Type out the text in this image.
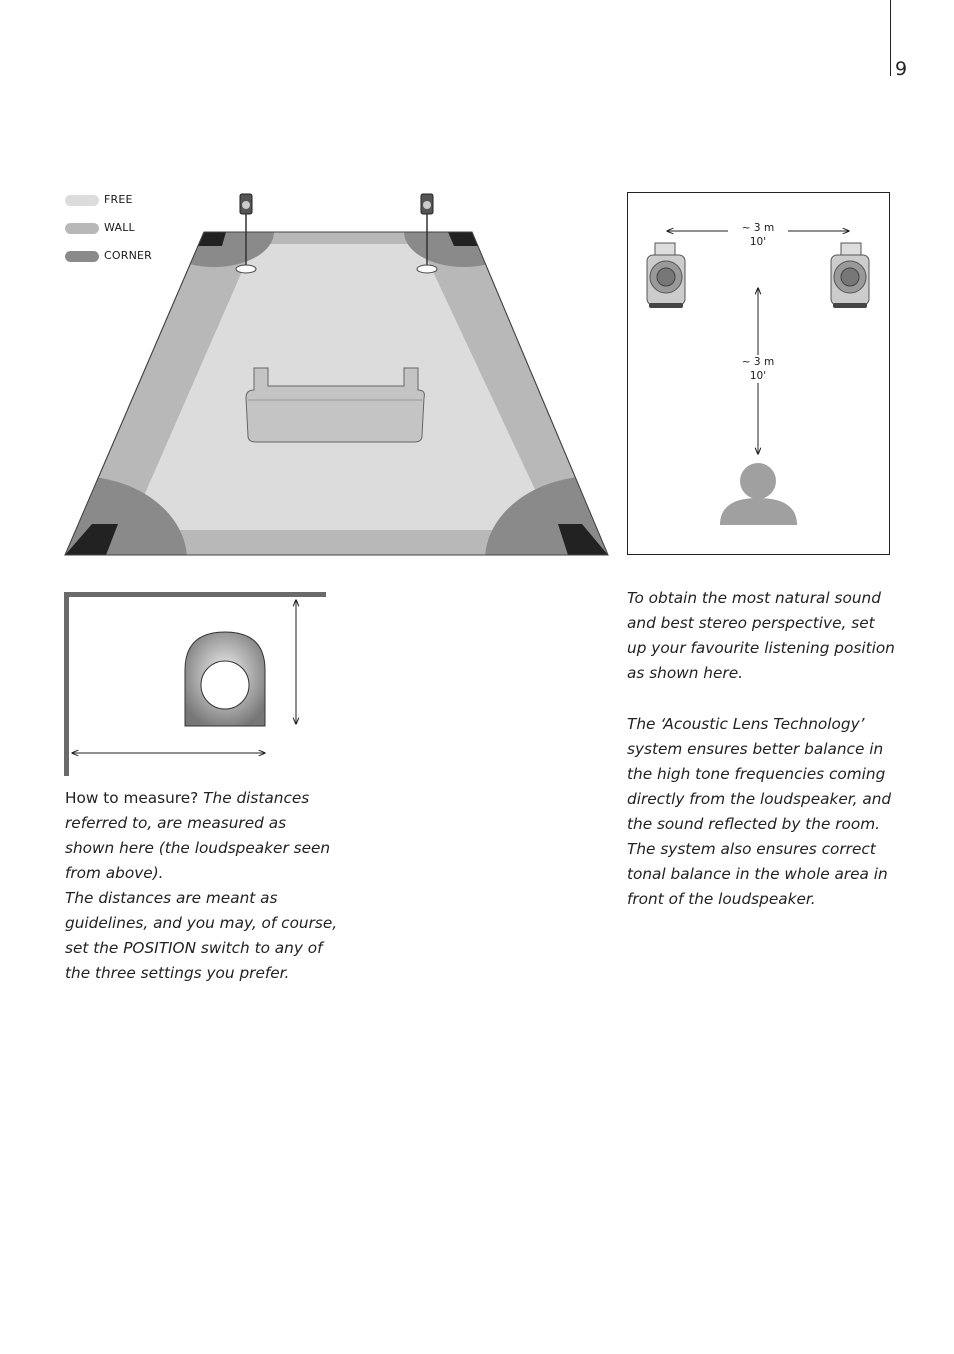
9
FREE
WALL
CORNER
~ 3 m
10'
~ 3 m
10'
How to measure? The distances referred to, are measured as shown here (the loudspeaker seen from above).
The distances are meant as guidelines, and you may, of course, set the POSITION switch to any of the three settings you prefer.
To obtain the most natural sound and best stereo perspective, set up your favourite listening position as shown here.
The ‘Acoustic Lens Technology’ system ensures better balance in the high tone frequencies coming directly from the loudspeaker, and the sound reflected by the room. The system also ensures correct tonal balance in the whole area in front of the loudspeaker.
